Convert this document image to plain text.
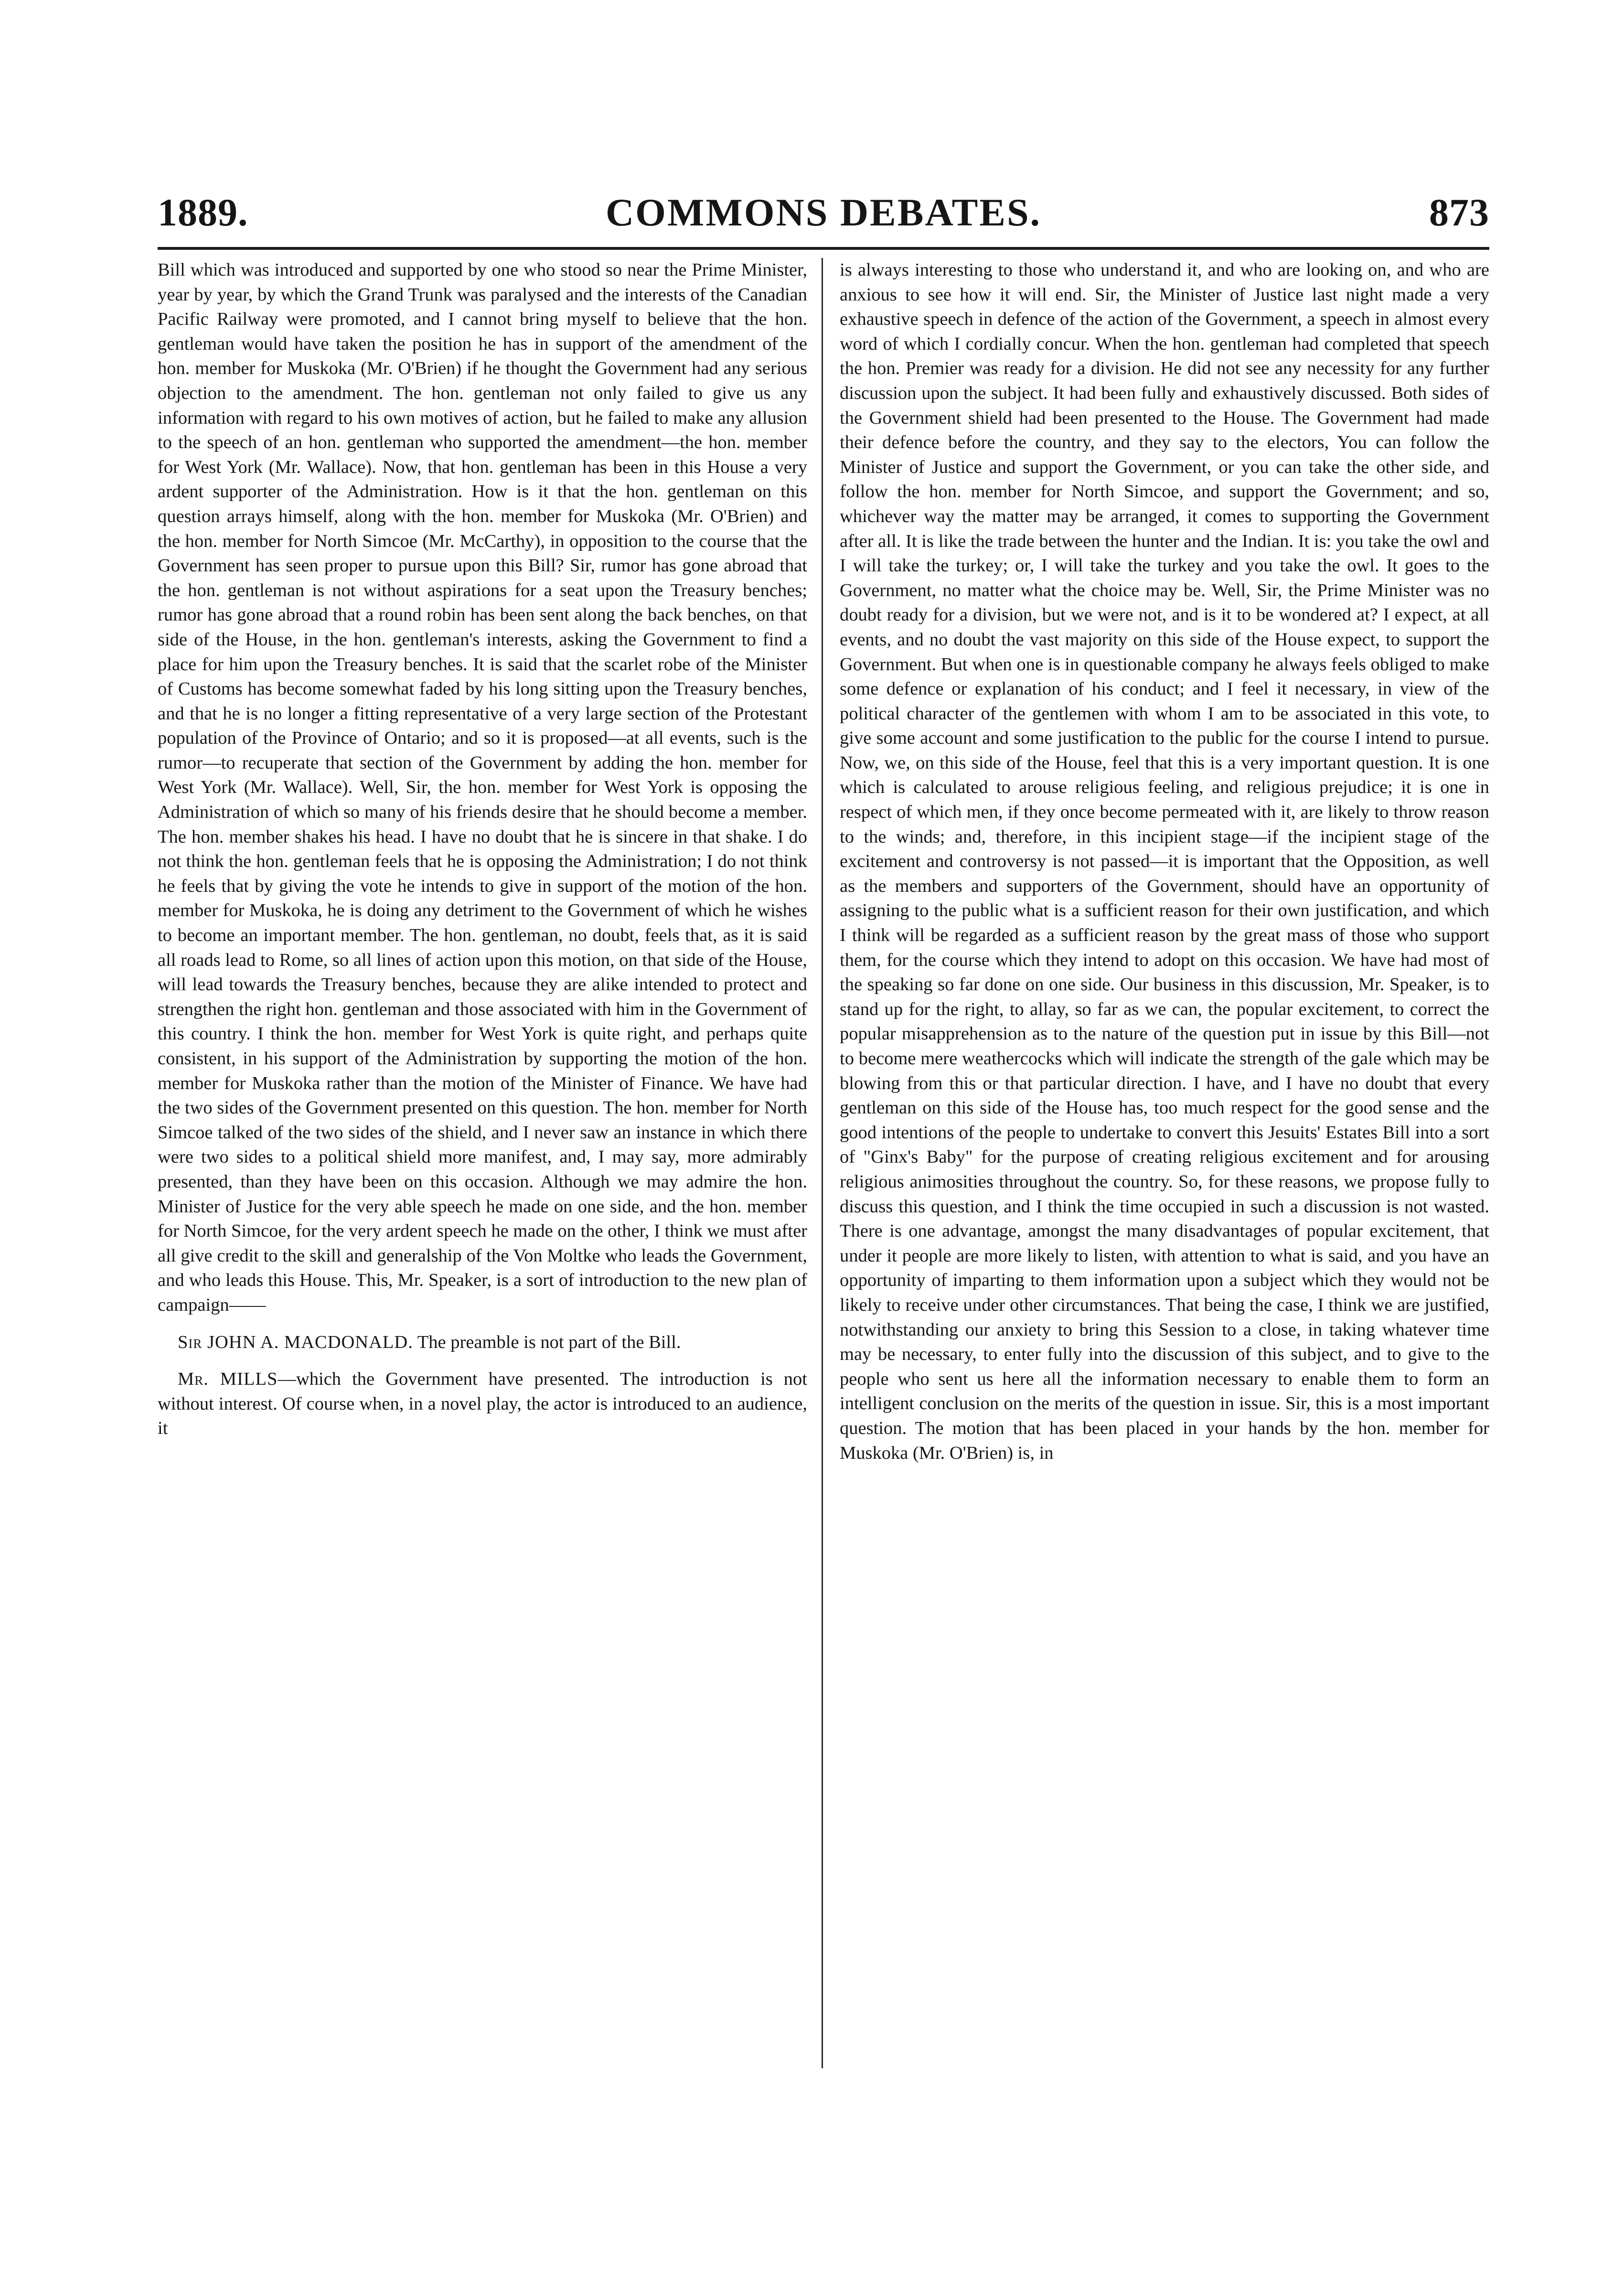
1889.	COMMONS DEBATES.	873

Bill which was introduced and supported by one who stood so near the Prime Minister, year by year, by which the Grand Trunk was paralysed and the interests of the Canadian Pacific Railway were promoted, and I cannot bring myself to believe that the hon. gentleman would have taken the position he has in support of the amendment of the hon. member for Muskoka (Mr. O'Brien) if he thought the Government had any serious objection to the amendment. The hon. gentleman not only failed to give us any information with regard to his own motives of action, but he failed to make any allusion to the speech of an hon. gentleman who supported the amendment—the hon. member for West York (Mr. Wallace). Now, that hon. gentleman has been in this House a very ardent supporter of the Administration. How is it that the hon. gentleman on this question arrays himself, along with the hon. member for Muskoka (Mr. O'Brien) and the hon. member for North Simcoe (Mr. McCarthy), in opposition to the course that the Government has seen proper to pursue upon this Bill? Sir, rumor has gone abroad that the hon. gentleman is not without aspirations for a seat upon the Treasury benches; rumor has gone abroad that a round robin has been sent along the back benches, on that side of the House, in the hon. gentleman's interests, asking the Government to find a place for him upon the Treasury benches. It is said that the scarlet robe of the Minister of Customs has become somewhat faded by his long sitting upon the Treasury benches, and that he is no longer a fitting representative of a very large section of the Protestant population of the Province of Ontario; and so it is proposed—at all events, such is the rumor—to recuperate that section of the Government by adding the hon. member for West York (Mr. Wallace). Well, Sir, the hon. member for West York is opposing the Administration of which so many of his friends desire that he should become a member. The hon. member shakes his head. I have no doubt that he is sincere in that shake. I do not think the hon. gentleman feels that he is opposing the Administration; I do not think he feels that by giving the vote he intends to give in support of the motion of the hon. member for Muskoka, he is doing any detriment to the Government of which he wishes to become an important member. The hon. gentleman, no doubt, feels that, as it is said all roads lead to Rome, so all lines of action upon this motion, on that side of the House, will lead towards the Treasury benches, because they are alike intended to protect and strengthen the right hon. gentleman and those associated with him in the Government of this country. I think the hon. member for West York is quite right, and perhaps quite consistent, in his support of the Administration by supporting the motion of the hon. member for Muskoka rather than the motion of the Minister of Finance. We have had the two sides of the Government presented on this question. The hon. member for North Simcoe talked of the two sides of the shield, and I never saw an instance in which there were two sides to a political shield more manifest, and, I may say, more admirably presented, than they have been on this occasion. Although we may admire the hon. Minister of Justice for the very able speech he made on one side, and the hon. member for North Simcoe, for the very ardent speech he made on the other, I think we must after all give credit to the skill and generalship of the Von Moltke who leads the Government, and who leads this House. This, Mr. Speaker, is a sort of introduction to the new plan of campaign——

Sir JOHN A. MACDONALD. The preamble is not part of the Bill.

Mr. MILLS—which the Government have presented. The introduction is not without interest. Of course when, in a novel play, the actor is introduced to an audience, it

is always interesting to those who understand it, and who are looking on, and who are anxious to see how it will end. Sir, the Minister of Justice last night made a very exhaustive speech in defence of the action of the Government, a speech in almost every word of which I cordially concur. When the hon. gentleman had completed that speech the hon. Premier was ready for a division. He did not see any necessity for any further discussion upon the subject. It had been fully and exhaustively discussed. Both sides of the Government shield had been presented to the House. The Government had made their defence before the country, and they say to the electors, You can follow the Minister of Justice and support the Government, or you can take the other side, and follow the hon. member for North Simcoe, and support the Government; and so, whichever way the matter may be arranged, it comes to supporting the Government after all. It is like the trade between the hunter and the Indian. It is: you take the owl and I will take the turkey; or, I will take the turkey and you take the owl. It goes to the Government, no matter what the choice may be. Well, Sir, the Prime Minister was no doubt ready for a division, but we were not, and is it to be wondered at? I expect, at all events, and no doubt the vast majority on this side of the House expect, to support the Government. But when one is in questionable company he always feels obliged to make some defence or explanation of his conduct; and I feel it necessary, in view of the political character of the gentlemen with whom I am to be associated in this vote, to give some account and some justification to the public for the course I intend to pursue. Now, we, on this side of the House, feel that this is a very important question. It is one which is calculated to arouse religious feeling, and religious prejudice; it is one in respect of which men, if they once become permeated with it, are likely to throw reason to the winds; and, therefore, in this incipient stage—if the incipient stage of the excitement and controversy is not passed—it is important that the Opposition, as well as the members and supporters of the Government, should have an opportunity of assigning to the public what is a sufficient reason for their own justification, and which I think will be regarded as a sufficient reason by the great mass of those who support them, for the course which they intend to adopt on this occasion. We have had most of the speaking so far done on one side. Our business in this discussion, Mr. Speaker, is to stand up for the right, to allay, so far as we can, the popular excitement, to correct the popular misapprehension as to the nature of the question put in issue by this Bill—not to become mere weathercocks which will indicate the strength of the gale which may be blowing from this or that particular direction. I have, and I have no doubt that every gentleman on this side of the House has, too much respect for the good sense and the good intentions of the people to undertake to convert this Jesuits' Estates Bill into a sort of "Ginx's Baby" for the purpose of creating religious excitement and for arousing religious animosities throughout the country. So, for these reasons, we propose fully to discuss this question, and I think the time occupied in such a discussion is not wasted. There is one advantage, amongst the many disadvantages of popular excitement, that under it people are more likely to listen, with attention to what is said, and you have an opportunity of imparting to them information upon a subject which they would not be likely to receive under other circumstances. That being the case, I think we are justified, notwithstanding our anxiety to bring this Session to a close, in taking whatever time may be necessary, to enter fully into the discussion of this subject, and to give to the people who sent us here all the information necessary to enable them to form an intelligent conclusion on the merits of the question in issue. Sir, this is a most important question. The motion that has been placed in your hands by the hon. member for Muskoka (Mr. O'Brien) is, in
